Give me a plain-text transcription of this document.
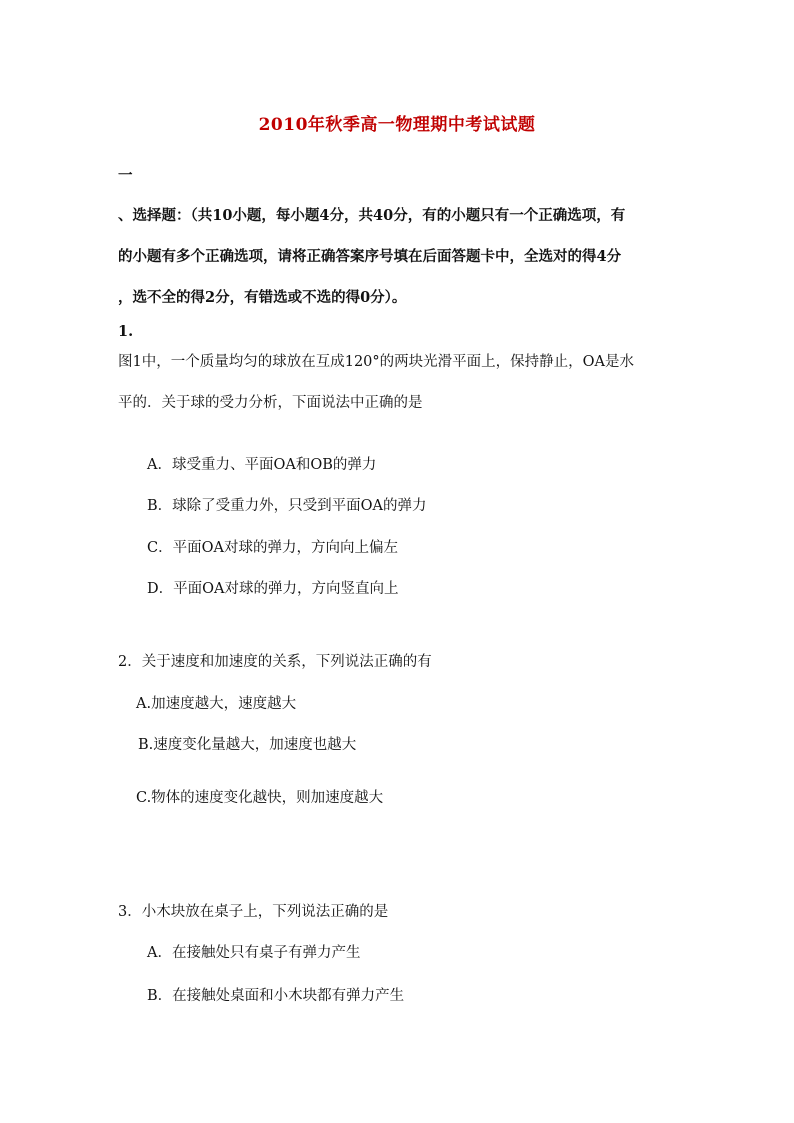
2010年秋季高一物理期中考试试题
一
、选择题：（共10小题，每小题4分，共40分，有的小题只有一个正确选项，有
的小题有多个正确选项，请将正确答案序号填在后面答题卡中，全选对的得4分
，选不全的得2分，有错选或不选的得0分）。
1.
图1中，一个质量均匀的球放在互成120°的两块光滑平面上，保持静止，OA是水
平的．关于球的受力分析，下面说法中正确的是
A．球受重力、平面OA和OB的弹力
B．球除了受重力外，只受到平面OA的弹力
C．平面OA对球的弹力，方向向上偏左
D．平面OA对球的弹力，方向竖直向上
2．关于速度和加速度的关系，下列说法正确的有
A.加速度越大，速度越大
B.速度变化量越大，加速度也越大
C.物体的速度变化越快，则加速度越大
3．小木块放在桌子上，下列说法正确的是
A．在接触处只有桌子有弹力产生
B．在接触处桌面和小木块都有弹力产生
